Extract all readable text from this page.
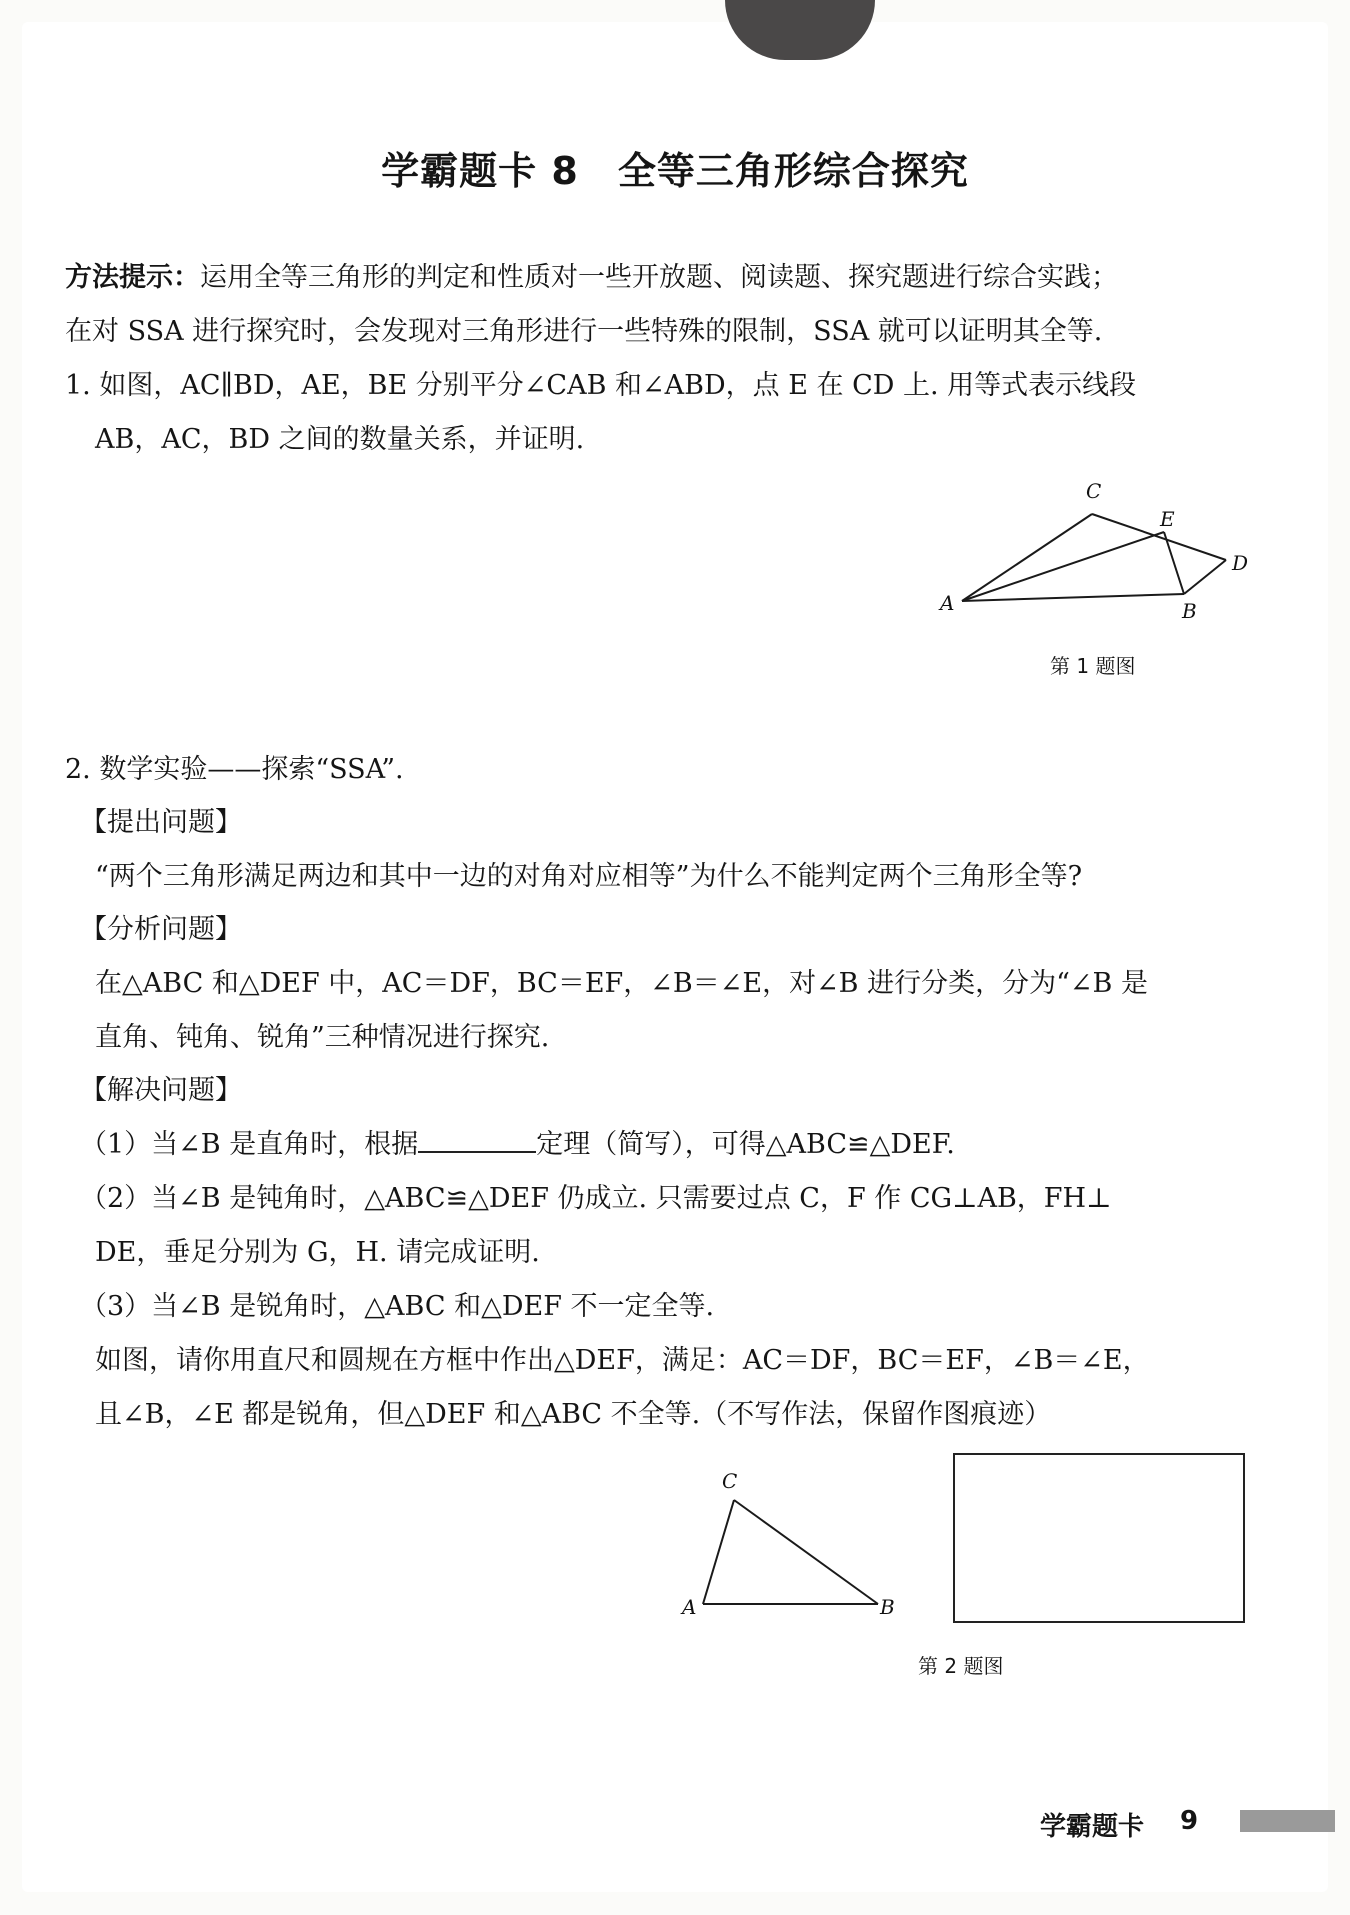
学霸题卡 8　全等三角形综合探究
方法提示：运用全等三角形的判定和性质对一些开放题、阅读题、探究题进行综合实践；
在对 SSA 进行探究时，会发现对三角形进行一些特殊的限制，SSA 就可以证明其全等.
1. 如图，AC∥BD，AE，BE 分别平分∠CAB 和∠ABD，点 E 在 CD 上. 用等式表示线段
AB，AC，BD 之间的数量关系，并证明.
A	B
C
D
E
第 1 题图
2. 数学实验——探索“SSA”.
【提出问题】
“两个三角形满足两边和其中一边的对角对应相等”为什么不能判定两个三角形全等?
【分析问题】
在△ABC 和△DEF 中，AC＝DF，BC＝EF，∠B＝∠E，对∠B 进行分类，分为“∠B 是
直角、钝角、锐角”三种情况进行探究.
【解决问题】
（1）当∠B 是直角时，根据	定理（简写），可得△ABC≌△DEF.
（2）当∠B 是钝角时，△ABC≌△DEF 仍成立. 只需要过点 C，F 作 CG⊥AB，FH⊥
DE，垂足分别为 G，H. 请完成证明.
（3）当∠B 是锐角时，△ABC 和△DEF 不一定全等.
如图，请你用直尺和圆规在方框中作出△DEF，满足：AC＝DF，BC＝EF，∠B＝∠E，
且∠B，∠E 都是锐角，但△DEF 和△ABC 不全等.（不写作法，保留作图痕迹）
A	B
C
第 2 题图
学霸题卡 9
